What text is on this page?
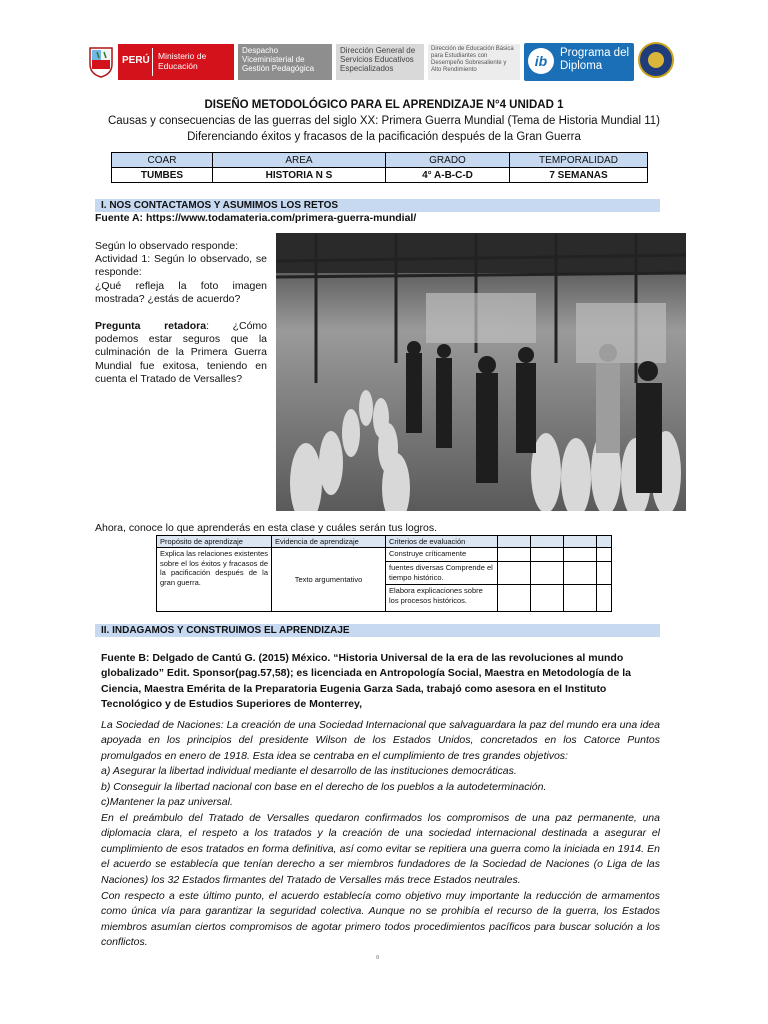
PERÚ Ministerio de Educación
Despacho Viceministerial de Gestión Pedagógica
Dirección General de Servicios Educativos Especializados
Dirección de Educación Básica para Estudiantes con Desempeño Sobresaliente y Alto Rendimiento
ib	Programa del Diploma
DISEÑO METODOLÓGICO PARA EL APRENDIZAJE N°4 UNIDAD 1
Causas y consecuencias de las guerras del siglo XX: Primera Guerra Mundial (Tema de Historia Mundial 11)
Diferenciando éxitos y fracasos de la pacificación después de la Gran Guerra
COAR	AREA	GRADO	TEMPORALIDAD
TUMBES	HISTORIA N S	4° A-B-C-D	7 SEMANAS
I. NOS CONTACTAMOS Y ASUMIMOS LOS RETOS
Fuente A: https://www.todamateria.com/primera-guerra-mundial/
Según lo observado responde:
Actividad 1: Según lo observado, se responde:
¿Qué refleja la foto imagen mostrada? ¿estás de acuerdo?
Pregunta retadora: ¿Cómo podemos estar seguros que la culminación de la Primera Guerra Mundial fue exitosa, teniendo en cuenta el Tratado de Versalles?
Ahora, conoce lo que aprenderás en esta clase y cuáles serán tus logros.
Propósito de aprendizaje	Evidencia de aprendizaje	Criterios de evaluación				
Explica las relaciones existentes sobre el los éxitos y fracasos de la pacificación después de la gran guerra.	Texto argumentativo	Construye críticamente				
		fuentes diversas Comprende el tiempo histórico.				
		Elabora explicaciones sobre los procesos históricos.				
II. INDAGAMOS Y CONSTRUIMOS EL APRENDIZAJE
Fuente B: Delgado de Cantú G. (2015) México. “Historia Universal de la era de las revoluciones al mundo globalizado” Edit. Sponsor(pag.57,58); es licenciada en Antropología Social, Maestra en Metodología de la Ciencia, Maestra Emérita de la Preparatoria Eugenia Garza Sada, trabajó como asesora en el Instituto Tecnológico y de Estudios Superiores de Monterrey,
La Sociedad de Naciones: La creación de una Sociedad Internacional que salvaguardara la paz del mundo era una idea apoyada en los principios del presidente Wilson de los Estados Unidos, concretados en los Catorce Puntos promulgados en enero de 1918. Esta idea se centraba en el cumplimiento de tres grandes objetivos:
a) Asegurar la libertad individual mediante el desarrollo de las instituciones democráticas.
b) Conseguir la libertad nacional con base en el derecho de los pueblos a la autodeterminación.
c)Mantener la paz universal.
En el preámbulo del Tratado de Versalles quedaron confirmados los compromisos de una paz permanente, una diplomacia clara, el respeto a los tratados y la creación de una sociedad internacional destinada a asegurar el cumplimiento de esos tratados en forma definitiva, así como evitar se repitiera una guerra como la iniciada en 1914. En el acuerdo se establecía que tenían derecho a ser miembros fundadores de la Sociedad de Naciones (o Liga de las Naciones) los 32 Estados firmantes del Tratado de Versalles más trece Estados neutrales.
Con respecto a este último punto, el acuerdo establecía como objetivo muy importante la reducción de armamentos como única vía para garantizar la seguridad colectiva. Aunque no se prohibía el recurso de la guerra, los Estados miembros asumían ciertos compromisos de agotar primero todos procedimientos pacíficos para buscar solución a los conflictos.
¤
